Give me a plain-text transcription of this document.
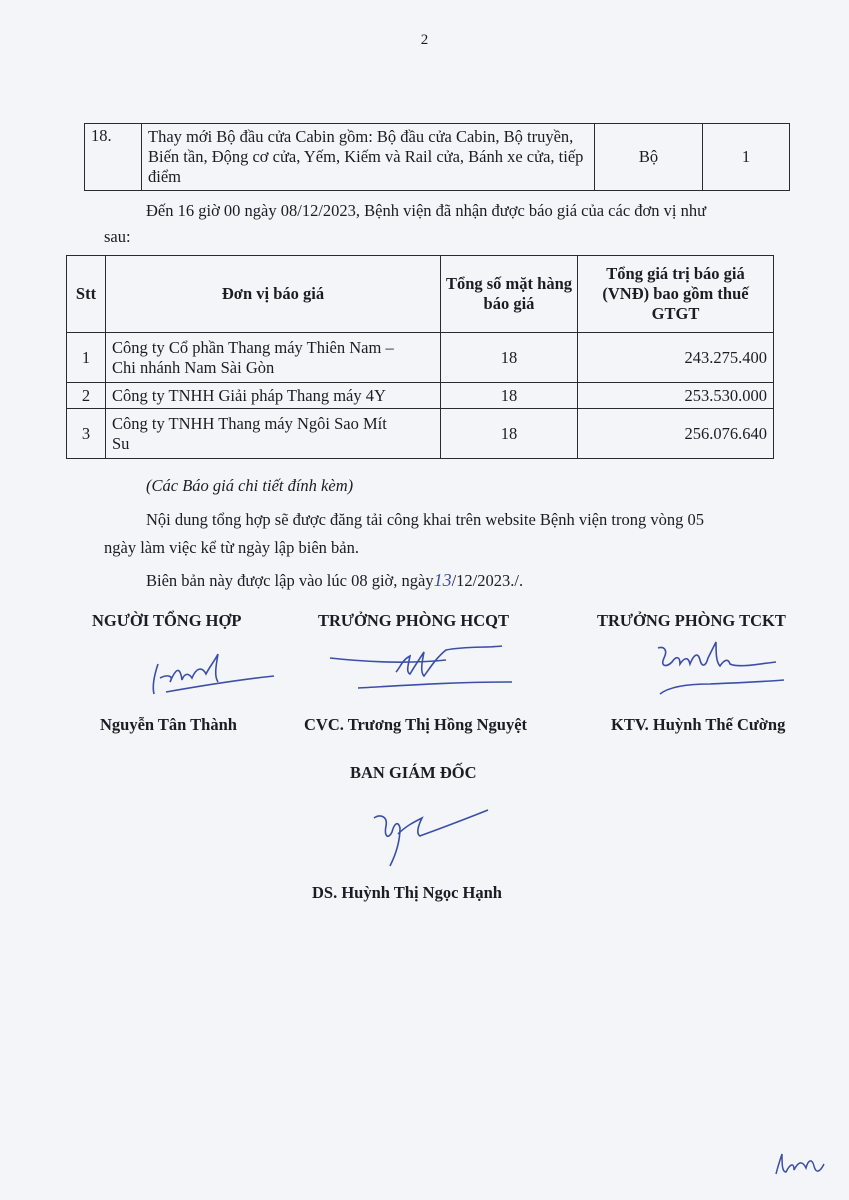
2
18.	Thay mới Bộ đầu cửa Cabin gồm: Bộ đầu cửa Cabin, Bộ truyền, Biến tần, Động cơ cửa, Yếm, Kiếm và Rail cửa, Bánh xe cửa, tiếp điểm	Bộ	1
Đến 16 giờ 00 ngày 08/12/2023, Bệnh viện đã nhận được báo giá của các đơn vị như
sau:
Stt	Đơn vị báo giá	Tổng số mặt hàng báo giá	Tổng giá trị báo giá (VNĐ) bao gồm thuế GTGT
1	Công ty Cổ phần Thang máy Thiên Nam –
Chi nhánh Nam Sài Gòn	18	243.275.400
2	Công ty TNHH Giải pháp Thang máy 4Y	18	253.530.000
3	Công ty TNHH Thang máy Ngôi Sao Mít
Su	18	256.076.640
(Các Báo giá chi tiết đính kèm)
Nội dung tổng hợp sẽ được đăng tải công khai trên website Bệnh viện trong vòng 05
ngày làm việc kể từ ngày lập biên bản.
Biên bản này được lập vào lúc 08 giờ, ngày13/12/2023./.
NGƯỜI TỔNG HỢP	TRƯỞNG PHÒNG HCQT	TRƯỞNG PHÒNG TCKT
Nguyễn Tân Thành	CVC. Trương Thị Hồng Nguyệt	KTV. Huỳnh Thế Cường
BAN GIÁM ĐỐC
DS. Huỳnh Thị Ngọc Hạnh
